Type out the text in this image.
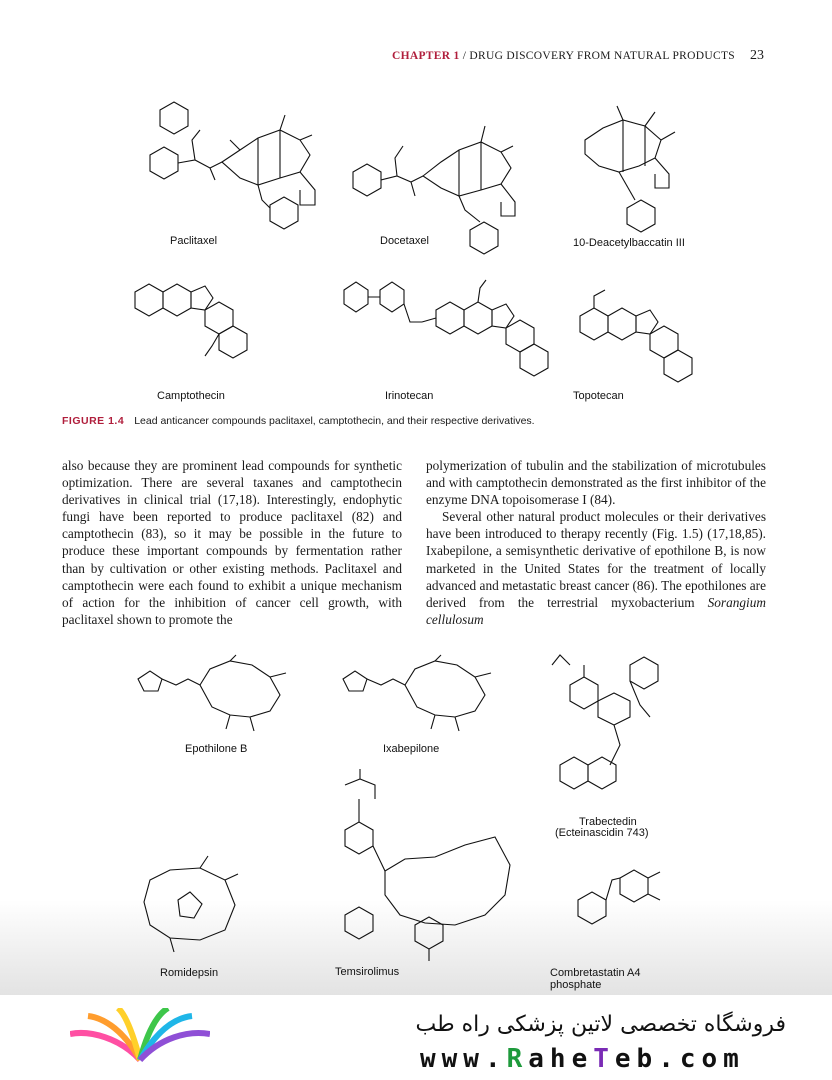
CHAPTER 1 / DRUG DISCOVERY FROM NATURAL PRODUCTS 23
Paclitaxel	Docetaxel	10-Deacetylbaccatin III
Camptothecin	Irinotecan	Topotecan
FIGURE 1.4 Lead anticancer compounds paclitaxel, camptothecin, and their respective derivatives.

also because they are prominent lead compounds for synthetic optimization. There are several taxanes and camptothecin derivatives in clinical trial (17,18). Interestingly, endophytic fungi have been reported to produce paclitaxel (82) and camptothecin (83), so it may be possible in the future to produce these important compounds by fermentation rather than by cultivation or other existing methods. Paclitaxel and camptothecin were each found to exhibit a unique mechanism of action for the inhibition of cancer cell growth, with paclitaxel shown to promote the

polymerization of tubulin and the stabilization of microtubules and with camptothecin demonstrated as the first inhibitor of the enzyme DNA topoisomerase I (84).

Several other natural product molecules or their derivatives have been introduced to therapy recently (Fig. 1.5) (17,18,85). Ixabepilone, a semisynthetic derivative of epothilone B, is now marketed in the United States for the treatment of locally advanced and metastatic breast cancer (86). The epothilones are derived from the terrestrial myxobacterium Sorangium cellulosum

Epothilone B	Ixabepilone
Trabectedin
(Ecteinascidin 743)
Romidepsin	Temsirolimus	Combretastatin A4
phosphate
فروشگاه تخصصی لاتین پزشکی راه طب
www.RaheTeb.com
